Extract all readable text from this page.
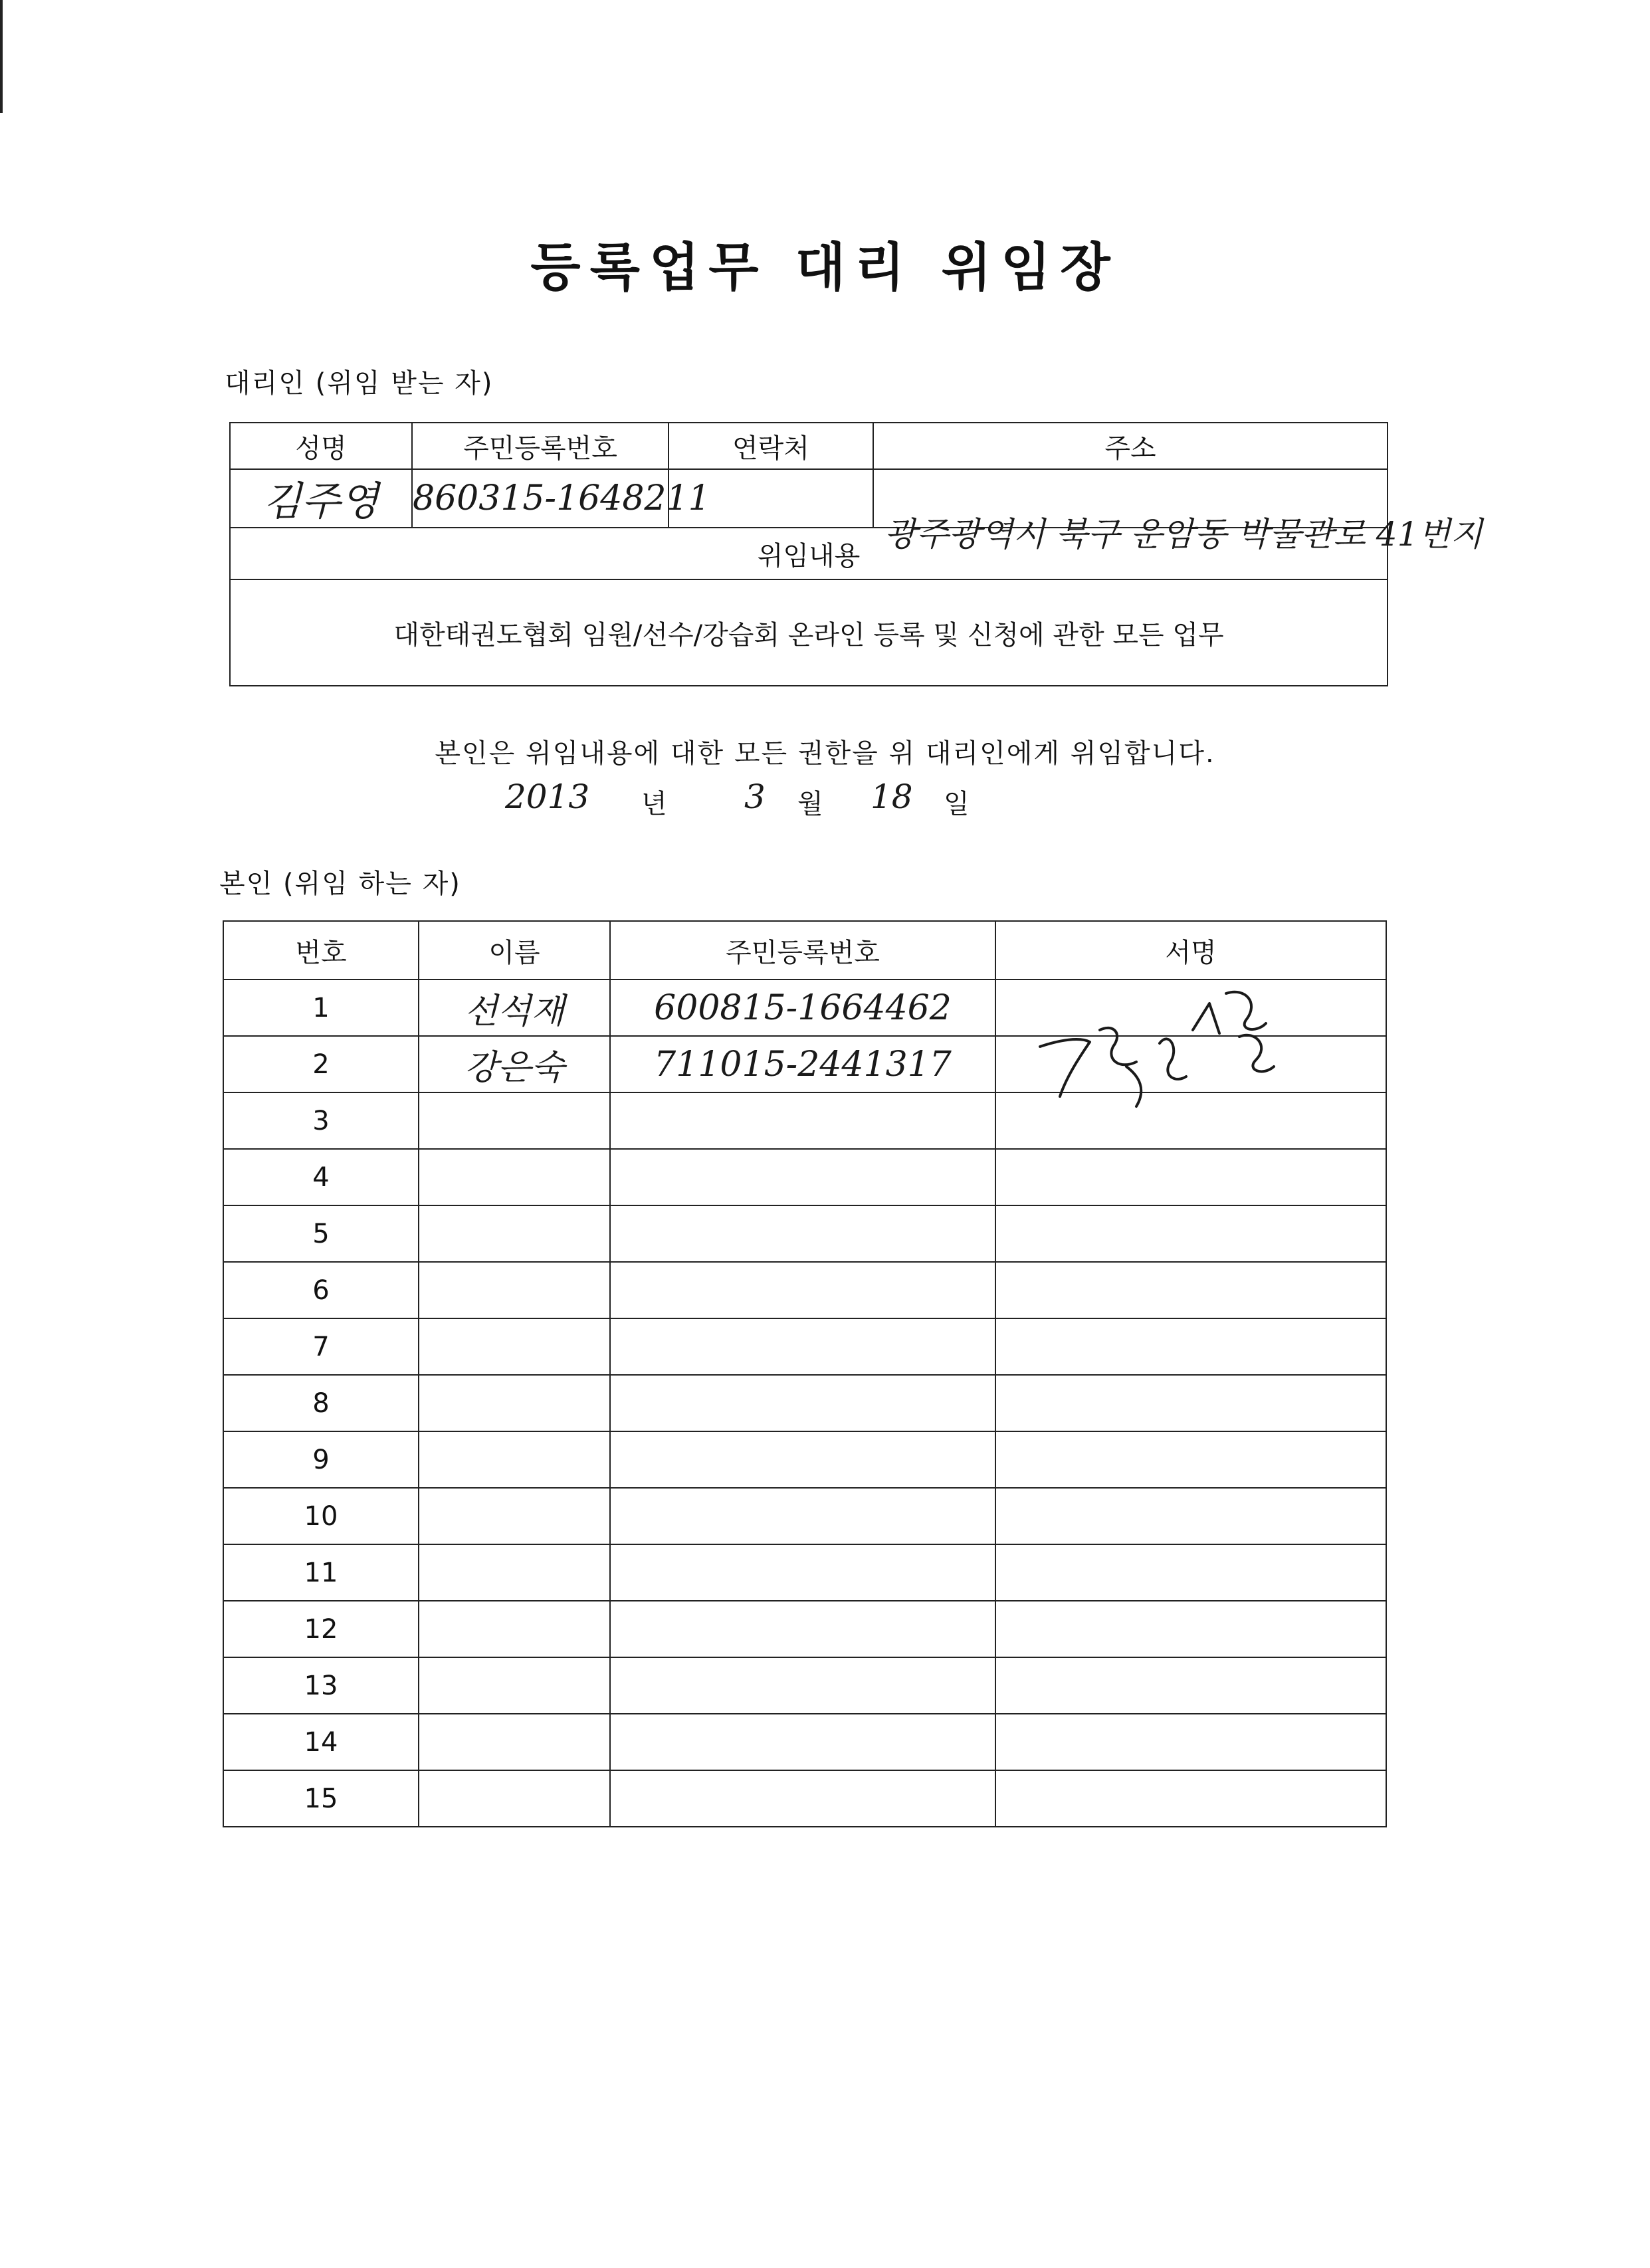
등록업무 대리 위임장
대리인 (위임 받는 자)
성명	주민등록번호	연락처	주소
김주영	860315-1648211		광주광역시 북구 운암동 박물관로 41번지

위임내용			
대한태권도협회 임원/선수/강습회 온라인 등록 및 신청에 관한 모든 업무			
본인은 위임내용에 대한 모든 권한을 위 대리인에게 위임합니다.
2013 년 3 월 18 일
본인 (위임 하는 자)
번호	이름	주민등록번호	서명
1	선석재	600815-1664462	
2	강은숙	711015-2441317	
3			
4			
5			
6			
7			
8			
9			
10			
11			
12			
13			
14			
15			
